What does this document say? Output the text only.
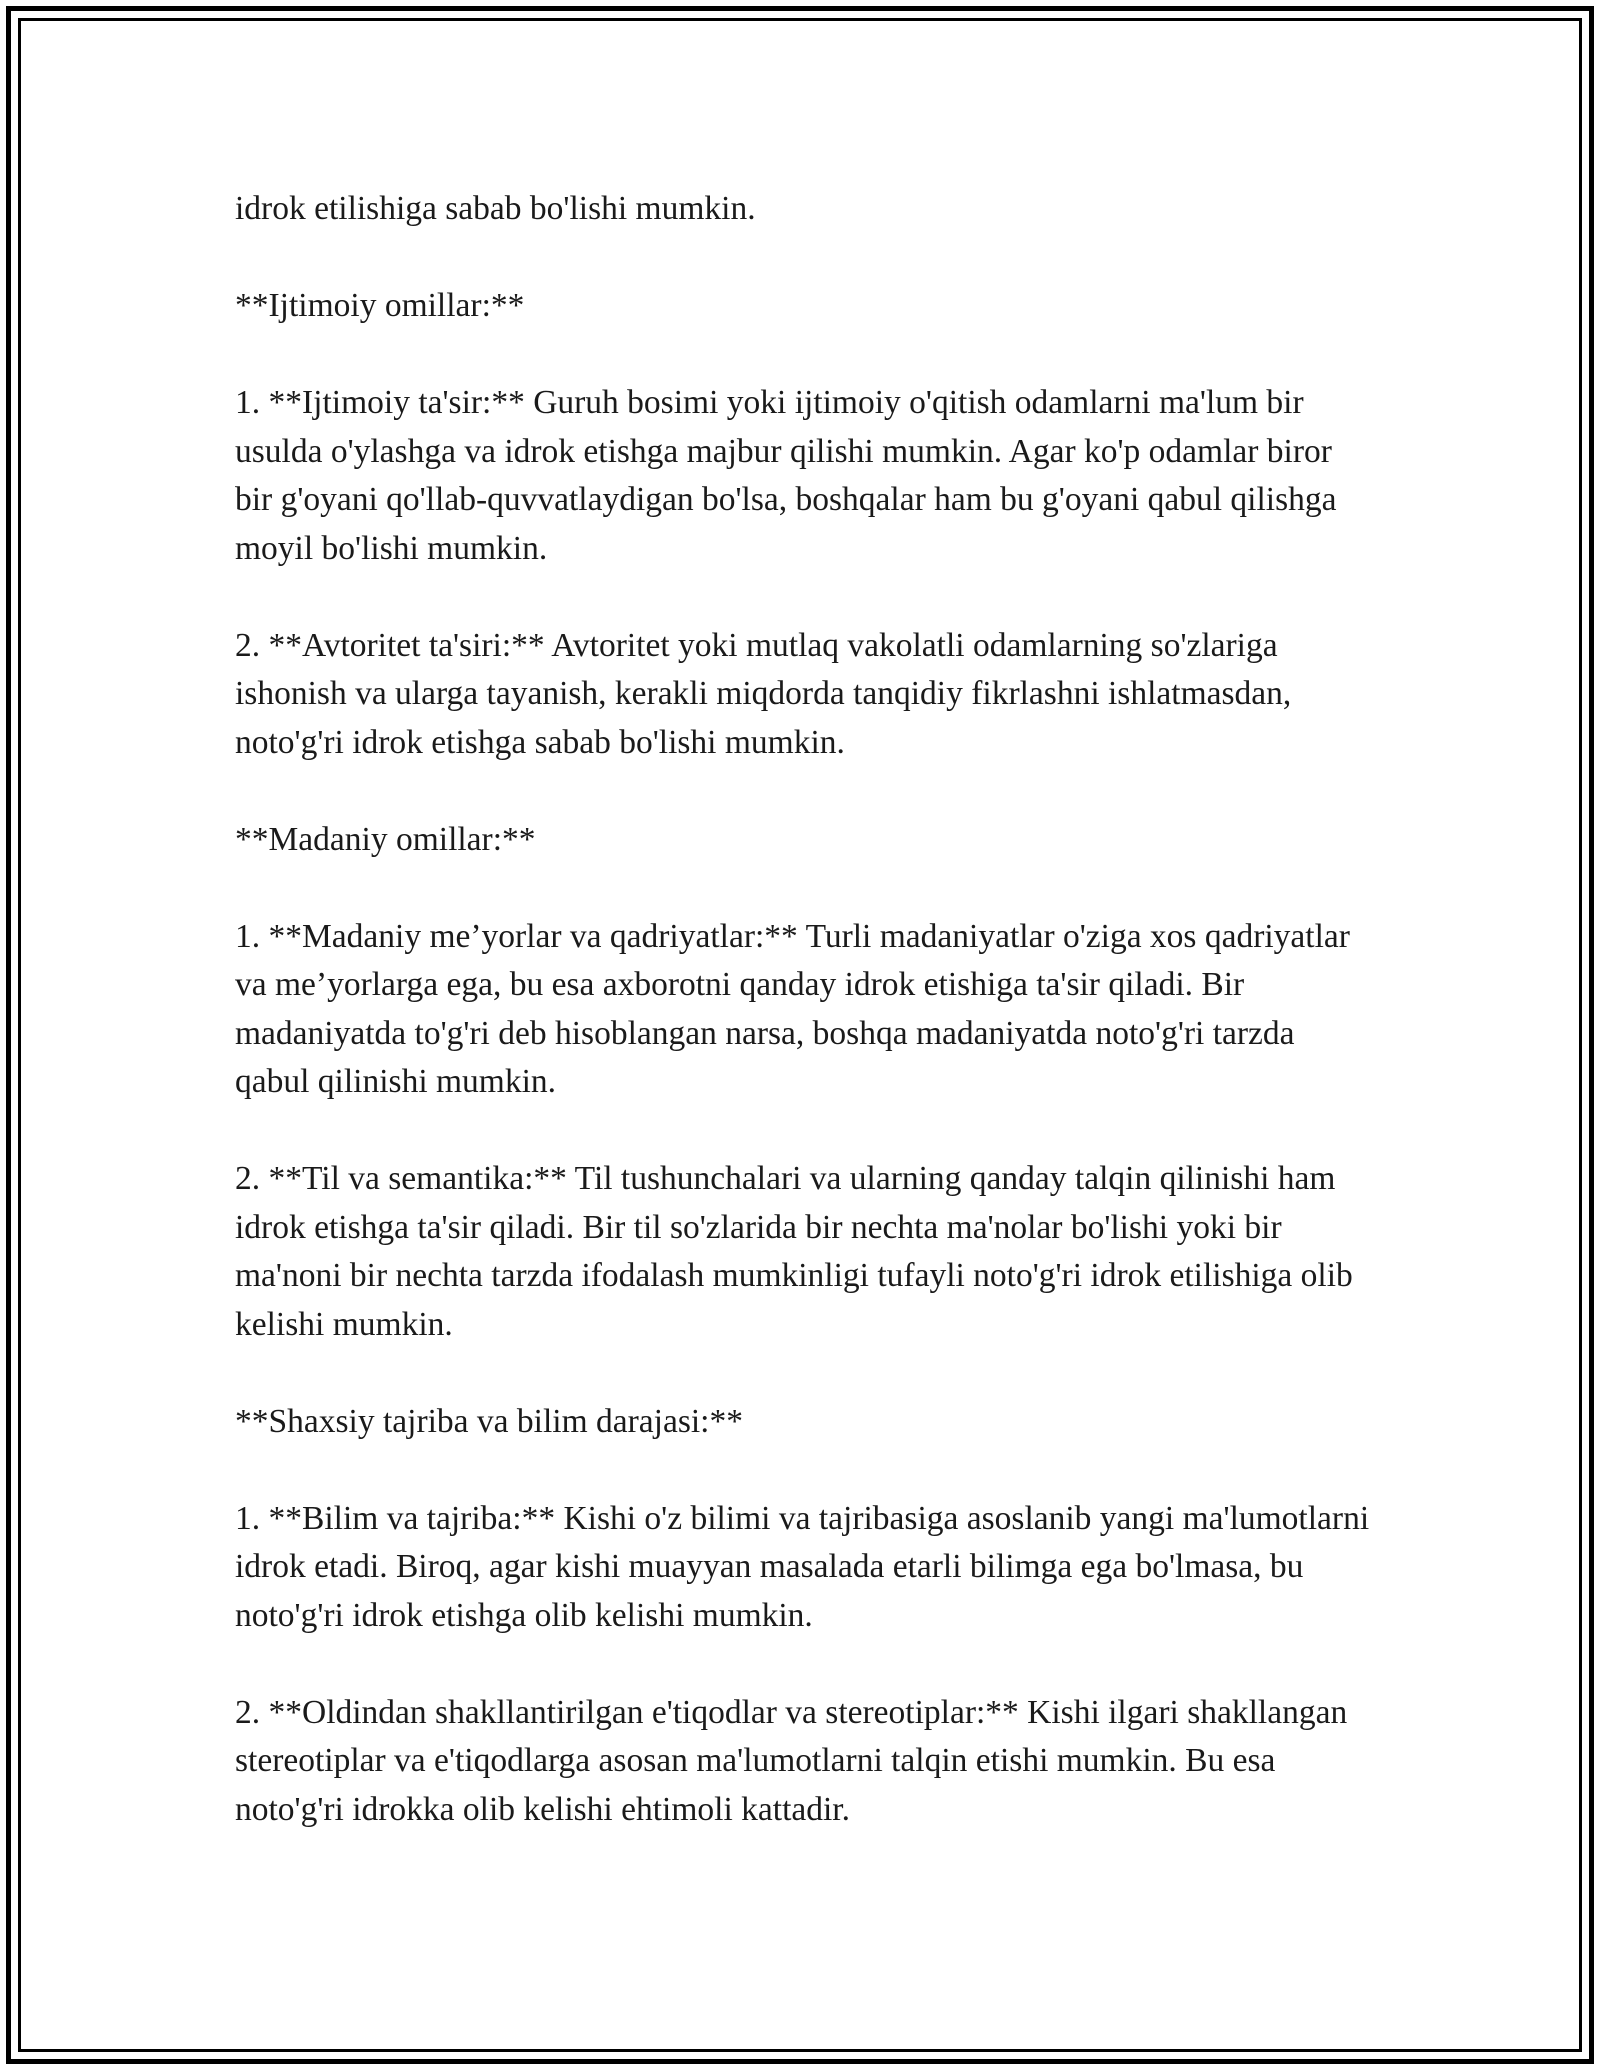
idrok etilishiga sabab bo'lishi mumkin.

**Ijtimoiy omillar:**

1. **Ijtimoiy ta'sir:** Guruh bosimi yoki ijtimoiy o'qitish odamlarni ma'lum bir usulda o'ylashga va idrok etishga majbur qilishi mumkin. Agar ko'p odamlar biror bir g'oyani qo'llab-quvvatlaydigan bo'lsa, boshqalar ham bu g'oyani qabul qilishga moyil bo'lishi mumkin.

2. **Avtoritet ta'siri:** Avtoritet yoki mutlaq vakolatli odamlarning so'zlariga ishonish va ularga tayanish, kerakli miqdorda tanqidiy fikrlashni ishlatmasdan, noto'g'ri idrok etishga sabab bo'lishi mumkin.

**Madaniy omillar:**

1. **Madaniy me’yorlar va qadriyatlar:** Turli madaniyatlar o'ziga xos qadriyatlar va me’yorlarga ega, bu esa axborotni qanday idrok etishiga ta'sir qiladi. Bir madaniyatda to'g'ri deb hisoblangan narsa, boshqa madaniyatda noto'g'ri tarzda qabul qilinishi mumkin.

2. **Til va semantika:** Til tushunchalari va ularning qanday talqin qilinishi ham idrok etishga ta'sir qiladi. Bir til so'zlarida bir nechta ma'nolar bo'lishi yoki bir ma'noni bir nechta tarzda ifodalash mumkinligi tufayli noto'g'ri idrok etilishiga olib kelishi mumkin.

**Shaxsiy tajriba va bilim darajasi:**

1. **Bilim va tajriba:** Kishi o'z bilimi va tajribasiga asoslanib yangi ma'lumotlarni idrok etadi. Biroq, agar kishi muayyan masalada etarli bilimga ega bo'lmasa, bu noto'g'ri idrok etishga olib kelishi mumkin.

2. **Oldindan shakllantirilgan e'tiqodlar va stereotiplar:** Kishi ilgari shakllangan stereotiplar va e'tiqodlarga asosan ma'lumotlarni talqin etishi mumkin. Bu esa noto'g'ri idrokka olib kelishi ehtimoli kattadir.
